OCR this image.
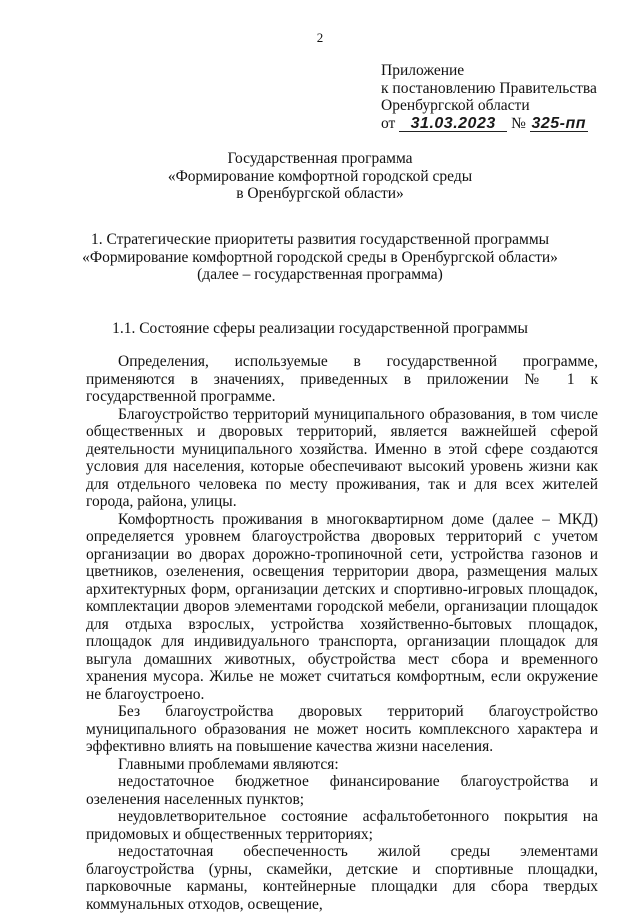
2
Приложение
к постановлению Правительства
Оренбургской области
от 31.03.2023 № 325-пп
Государственная программа
«Формирование комфортной городской среды
в Оренбургской области»
1. Стратегические приоритеты развития государственной программы
«Формирование комфортной городской среды в Оренбургской области»
(далее – государственная программа)
1.1. Состояние сферы реализации государственной программы

Определения, используемые в государственной программе, применяются в значениях, приведенных в приложении № 1 к государственной программе.

Благоустройство территорий муниципального образования, в том числе общественных и дворовых территорий, является важнейшей сферой деятельности муниципального хозяйства. Именно в этой сфере создаются условия для населения, которые обеспечивают высокий уровень жизни как для отдельного человека по месту проживания, так и для всех жителей города, района, улицы.

Комфортность проживания в многоквартирном доме (далее – МКД) определяется уровнем благоустройства дворовых территорий с учетом организации во дворах дорожно-тропиночной сети, устройства газонов и цветников, озеленения, освещения территории двора, размещения малых архитектурных форм, организации детских и спортивно-игровых площадок, комплектации дворов элементами городской мебели, организации площадок для отдыха взрослых, устройства хозяйственно-бытовых площадок, площадок для индивидуального транспорта, организации площадок для выгула домашних животных, обустройства мест сбора и временного хранения мусора. Жилье не может считаться комфортным, если окружение не благоустроено.

Без благоустройства дворовых территорий благоустройство муниципального образования не может носить комплексного характера и эффективно влиять на повышение качества жизни населения.

Главными проблемами являются:

недостаточное бюджетное финансирование благоустройства и озеленения населенных пунктов;

неудовлетворительное состояние асфальтобетонного покрытия на придомовых и общественных территориях;

недостаточная обеспеченность жилой среды элементами благоустройства (урны, скамейки, детские и спортивные площадки, парковочные карманы, контейнерные площадки для сбора твердых коммунальных отходов, освещение,
